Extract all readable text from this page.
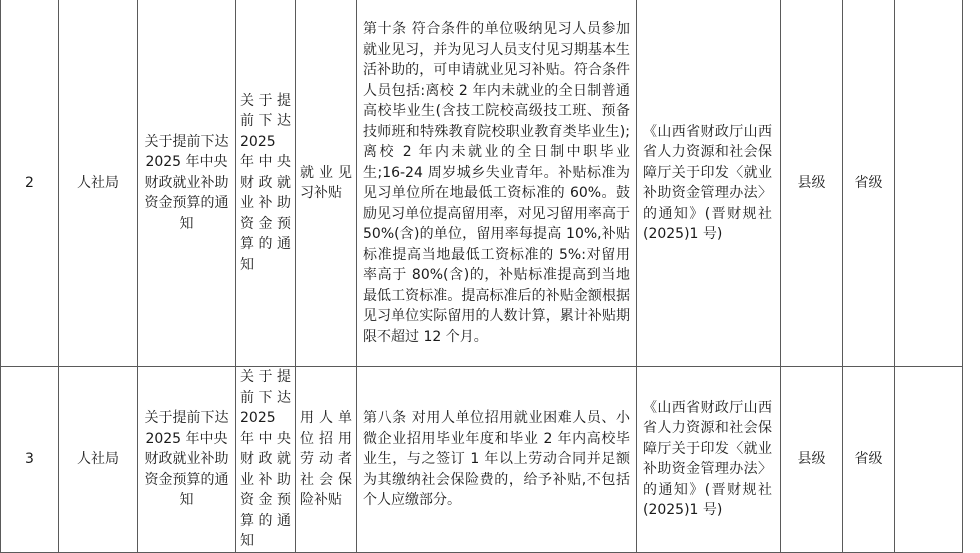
2	人社局	关于提前下达 2025 年中央财政就业补助资金预算的通知	关于提前下达 2025 年中央财政就业补助资金预算的通知	就业见习补贴	第十条 符合条件的单位吸纳见习人员参加就业见习，并为见习人员支付见习期基本生活补助的，可申请就业见习补贴。符合条件人员包括:离校 2 年内未就业的全日制普通高校毕业生(含技工院校高级技工班、预备技师班和特殊教育院校职业教育类毕业生);离校 2 年内未就业的全日制中职毕业生;16-24 周岁城乡失业青年。补贴标准为见习单位所在地最低工资标准的 60%。鼓励见习单位提高留用率，对见习留用率高于 50%(含)的单位，留用率每提高 10%,补贴标准提高当地最低工资标准的 5%:对留用率高于 80%(含)的，补贴标准提高到当地最低工资标准。提高标准后的补贴金额根据见习单位实际留用的人数计算，累计补贴期限不超过 12 个月。	《山西省财政厅山西省人力资源和社会保障厅关于印发〈就业补助资金管理办法〉的通知》(晋财规社(2025)1 号)	县级	省级	
3	人社局	关于提前下达 2025 年中央财政就业补助资金预算的通知	关于提前下达 2025 年中央财政就业补助资金预算的通知	用人单位招用劳动者社会保险补贴	第八条 对用人单位招用就业困难人员、小微企业招用毕业年度和毕业 2 年内高校毕业生，与之签订 1 年以上劳动合同并足额为其缴纳社会保险费的，给予补贴,不包括个人应缴部分。	《山西省财政厅山西省人力资源和社会保障厅关于印发〈就业补助资金管理办法〉的通知》(晋财规社(2025)1 号)	县级	省级	
